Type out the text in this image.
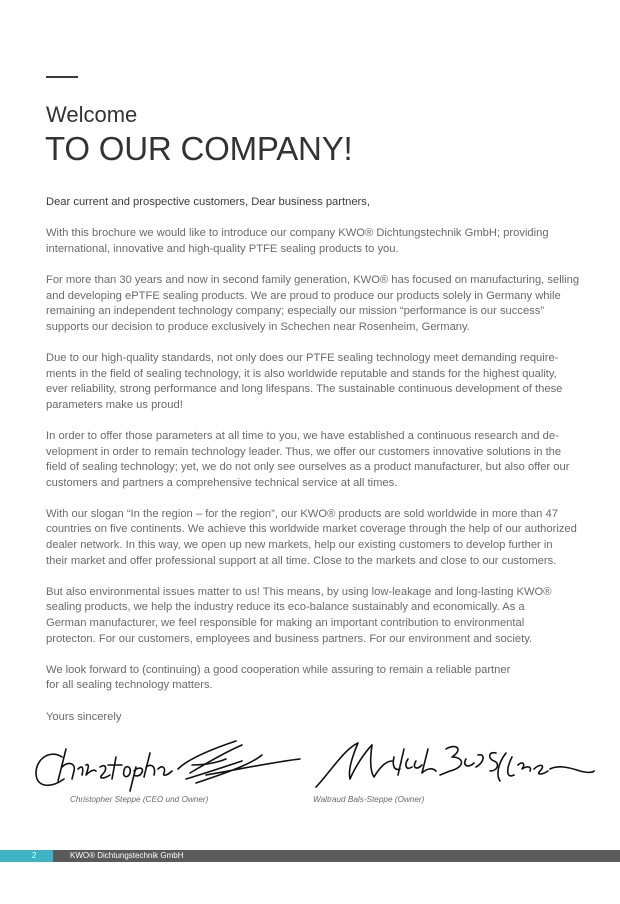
Welcome
TO OUR COMPANY!

Dear current and prospective customers, Dear business partners,

With this brochure we would like to introduce our company KWO® Dichtungstechnik GmbH; providing
international, innovative and high-quality PTFE sealing products to you.

For more than 30 years and now in second family generation, KWO® has focused on manufacturing, selling
and developing ePTFE sealing products. We are proud to produce our products solely in Germany while
remaining an independent technology company; especially our mission “performance is our success”
supports our decision to produce exclusively in Schechen near Rosenheim, Germany.

Due to our high-quality standards, not only does our PTFE sealing technology meet demanding require-
ments in the field of sealing technology, it is also worldwide reputable and stands for the highest quality,
ever reliability, strong performance and long lifespans. The sustainable continuous development of these
parameters make us proud!

In order to offer those parameters at all time to you, we have established a continuous research and de-
velopment in order to remain technology leader. Thus, we offer our customers innovative solutions in the
field of sealing technology; yet, we do not only see ourselves as a product manufacturer, but also offer our
customers and partners a comprehensive technical service at all times.

With our slogan “In the region – for the region”, our KWO® products are sold worldwide in more than 47
countries on five continents. We achieve this worldwide market coverage through the help of our authorized
dealer network. In this way, we open up new markets, help our existing customers to develop further in
their market and offer professional support at all time. Close to the markets and close to our customers.

But also environmental issues matter to us! This means, by using low-leakage and long-lasting KWO®
sealing products, we help the industry reduce its eco-balance sustainably and economically. As a
German manufacturer, we feel responsible for making an important contribution to environmental
protecton. For our customers, employees and business partners. For our environment and society.

We look forward to (continuing) a good cooperation while assuring to remain a reliable partner
for all sealing technology matters.

Yours sincerely

Christopher Steppe (CEO und Owner)	Waltraud Bals-Steppe (Owner)
2	KWO® Dichtungstechnik GmbH
